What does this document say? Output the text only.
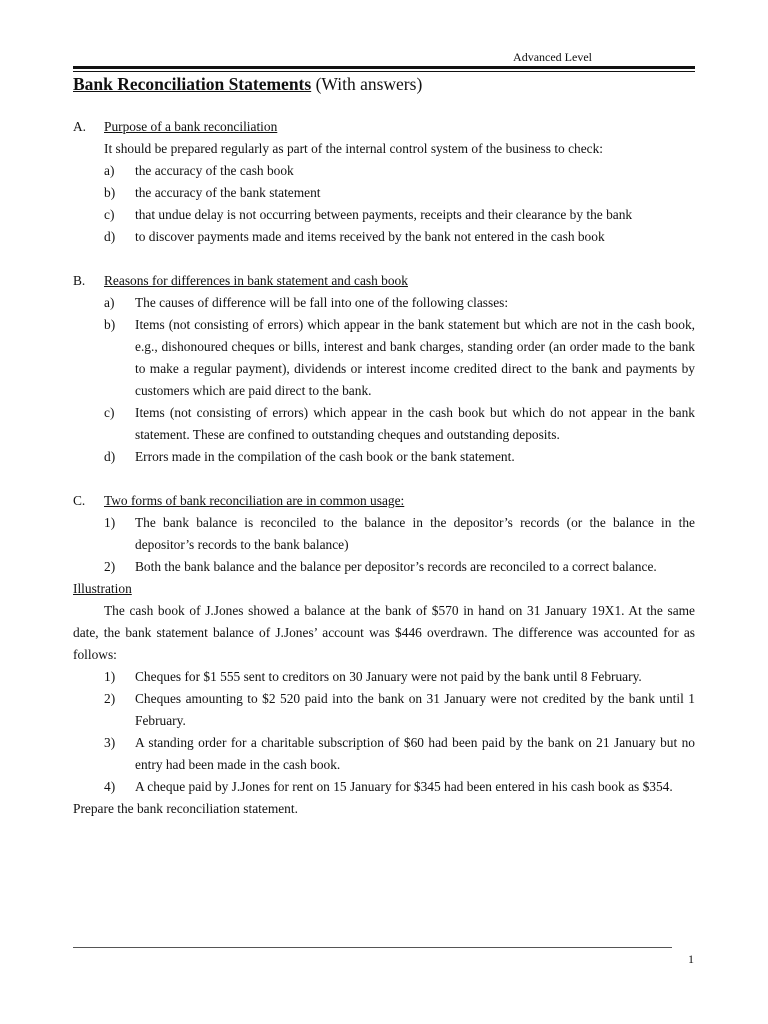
Advanced Level
Bank Reconciliation Statements (With answers)
A.	Purpose of a bank reconciliation
It should be prepared regularly as part of the internal control system of the business to check:
a)	the accuracy of the cash book
b)	the accuracy of the bank statement
c)	that undue delay is not occurring between payments, receipts and their clearance by the bank
d)	to discover payments made and items received by the bank not entered in the cash book
B.	Reasons for differences in bank statement and cash book
a)	The causes of difference will be fall into one of the following classes:
b)	Items (not consisting of errors) which appear in the bank statement but which are not in the cash book, e.g., dishonoured cheques or bills, interest and bank charges, standing order (an order made to the bank to make a regular payment), dividends or interest income credited direct to the bank and payments by customers which are paid direct to the bank.
c)	Items (not consisting of errors) which appear in the cash book but which do not appear in the bank statement. These are confined to outstanding cheques and outstanding deposits.
d)	Errors made in the compilation of the cash book or the bank statement.
C.	Two forms of bank reconciliation are in common usage:
1)	The bank balance is reconciled to the balance in the depositor’s records (or the balance in the depositor’s records to the bank balance)
2)	Both the bank balance and the balance per depositor’s records are reconciled to a correct balance.
Illustration
The cash book of J.Jones showed a balance at the bank of $570 in hand on 31 January 19X1. At the same date, the bank statement balance of J.Jones’ account was $446 overdrawn. The difference was accounted for as follows:
1)	Cheques for $1 555 sent to creditors on 30 January were not paid by the bank until 8 February.
2)	Cheques amounting to $2 520 paid into the bank on 31 January were not credited by the bank until 1 February.
3)	A standing order for a charitable subscription of $60 had been paid by the bank on 21 January but no entry had been made in the cash book.
4)	A cheque paid by J.Jones for rent on 15 January for $345 had been entered in his cash book as $354.
Prepare the bank reconciliation statement.
1
